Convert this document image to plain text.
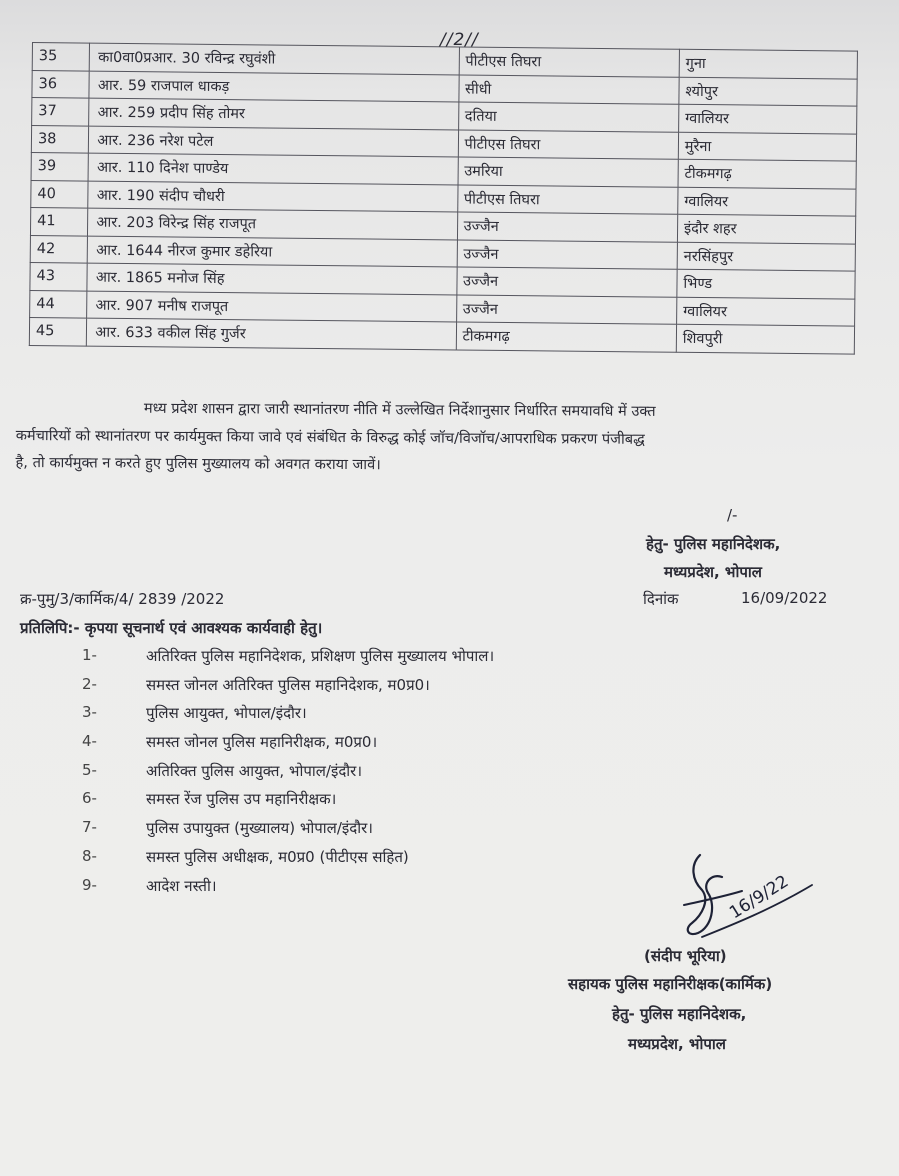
//2//
35	का0वा0प्रआर. 30 रविन्द्र रघुवंशी	पीटीएस तिघरा	गुना
36	आर. 59 राजपाल धाकड़	सीधी	श्योपुर
37	आर. 259 प्रदीप सिंह तोमर	दतिया	ग्वालियर
38	आर. 236 नरेश पटेल	पीटीएस तिघरा	मुरैना
39	आर. 110 दिनेश पाण्डेय	उमरिया	टीकमगढ़
40	आर. 190 संदीप चौधरी	पीटीएस तिघरा	ग्वालियर
41	आर. 203 विरेन्द्र सिंह राजपूत	उज्जैन	इंदौर शहर
42	आर. 1644 नीरज कुमार डहेरिया	उज्जैन	नरसिंहपुर
43	आर. 1865 मनोज सिंह	उज्जैन	भिण्ड
44	आर. 907 मनीष राजपूत	उज्जैन	ग्वालियर
45	आर. 633 वकील सिंह गुर्जर	टीकमगढ़	शिवपुरी
मध्य प्रदेश शासन द्वारा जारी स्थानांतरण नीति में उल्लेखित निर्देशानुसार निर्धारित समयावधि में उक्त
कर्मचारियों को स्थानांतरण पर कार्यमुक्त किया जावे एवं संबंधित के विरुद्ध कोई जॉच/विजॉच/आपराधिक प्रकरण पंजीबद्ध
है, तो कार्यमुक्त न करते हुए पुलिस मुख्यालय को अवगत कराया जावें।
/-
हेतु- पुलिस महानिदेशक,
मध्यप्रदेश, भोपाल
क्र-पुमु/3/कार्मिक/4/ 2839 /2022	दिनांक	16/09/2022
प्रतिलिपि:- कृपया सूचनार्थ एवं आवश्यक कार्यवाही हेतु।
1-	अतिरिक्त पुलिस महानिदेशक, प्रशिक्षण पुलिस मुख्यालय भोपाल।
2-	समस्त जोनल अतिरिक्त पुलिस महानिदेशक, म0प्र0।
3-	पुलिस आयुक्त, भोपाल/इंदौर।
4-	समस्त जोनल पुलिस महानिरीक्षक, म0प्र0।
5-	अतिरिक्त पुलिस आयुक्त, भोपाल/इंदौर।
6-	समस्त रेंज पुलिस उप महानिरीक्षक।
7-	पुलिस उपायुक्त (मुख्यालय) भोपाल/इंदौर।
8-	समस्त पुलिस अधीक्षक, म0प्र0 (पीटीएस सहित)
9-	आदेश नस्ती।	16/9/22
(संदीप भूरिया)
सहायक पुलिस महानिरीक्षक(कार्मिक)
हेतु- पुलिस महानिदेशक,
मध्यप्रदेश, भोपाल
